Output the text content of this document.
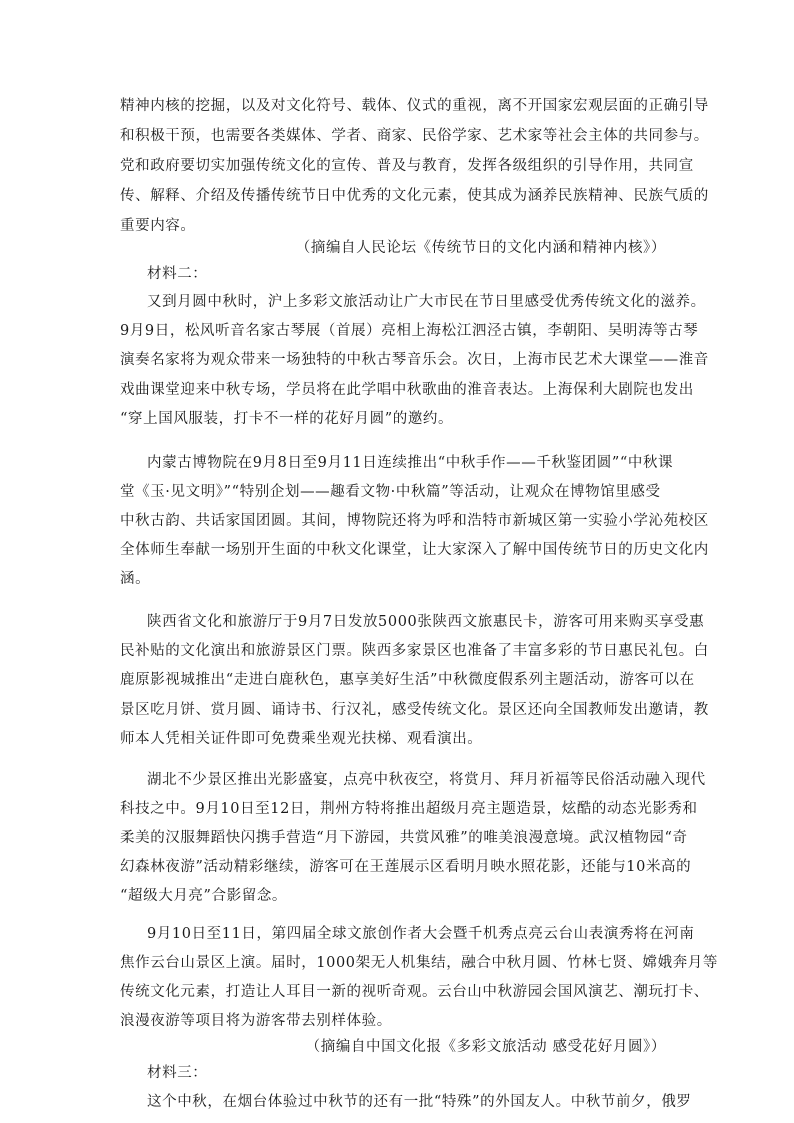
精神内核的挖掘，以及对文化符号、载体、仪式的重视，离不开国家宏观层面的正确引导
和积极干预，也需要各类媒体、学者、商家、民俗学家、艺术家等社会主体的共同参与。
党和政府要切实加强传统文化的宣传、普及与教育，发挥各级组织的引导作用，共同宣
传、解释、介绍及传播传统节日中优秀的文化元素，使其成为涵养民族精神、民族气质的
重要内容。
（摘编自人民论坛《传统节日的文化内涵和精神内核》）
材料二：
又到月圆中秋时，沪上多彩文旅活动让广大市民在节日里感受优秀传统文化的滋养。
9月9日，松风听音名家古琴展（首展）亮相上海松江泗泾古镇，李朝阳、吴明涛等古琴
演奏名家将为观众带来一场独特的中秋古琴音乐会。次日，上海市民艺术大课堂——淮音
戏曲课堂迎来中秋专场，学员将在此学唱中秋歌曲的淮音表达。上海保利大剧院也发出
“穿上国风服装，打卡不一样的花好月圆”的邀约。
内蒙古博物院在9月8日至9月11日连续推出“中秋手作——千秋鉴团圆”“中秋课
堂《玉·见文明》”“特别企划——趣看文物·中秋篇”等活动，让观众在博物馆里感受
中秋古韵、共话家国团圆。其间，博物院还将为呼和浩特市新城区第一实验小学沁苑校区
全体师生奉献一场别开生面的中秋文化课堂，让大家深入了解中国传统节日的历史文化内
涵。
陕西省文化和旅游厅于9月7日发放5000张陕西文旅惠民卡，游客可用来购买享受惠
民补贴的文化演出和旅游景区门票。陕西多家景区也准备了丰富多彩的节日惠民礼包。白
鹿原影视城推出“走进白鹿秋色，惠享美好生活”中秋微度假系列主题活动，游客可以在
景区吃月饼、赏月圆、诵诗书、行汉礼，感受传统文化。景区还向全国教师发出邀请，教
师本人凭相关证件即可免费乘坐观光扶梯、观看演出。
湖北不少景区推出光影盛宴，点亮中秋夜空，将赏月、拜月祈福等民俗活动融入现代
科技之中。9月10日至12日，荆州方特将推出超级月亮主题造景，炫酷的动态光影秀和
柔美的汉服舞蹈快闪携手营造“月下游园，共赏风雅”的唯美浪漫意境。武汉植物园“奇
幻森林夜游”活动精彩继续，游客可在王莲展示区看明月映水照花影，还能与10米高的
“超级大月亮”合影留念。
9月10日至11日，第四届全球文旅创作者大会暨千机秀点亮云台山表演秀将在河南
焦作云台山景区上演。届时，1000架无人机集结，融合中秋月圆、竹林七贤、嫦娥奔月等
传统文化元素，打造让人耳目一新的视听奇观。云台山中秋游园会国风演艺、潮玩打卡、
浪漫夜游等项目将为游客带去别样体验。
（摘编自中国文化报《多彩文旅活动 感受花好月圆》）
材料三：
这个中秋，在烟台体验过中秋节的还有一批“特殊”的外国友人。中秋节前夕，俄罗
